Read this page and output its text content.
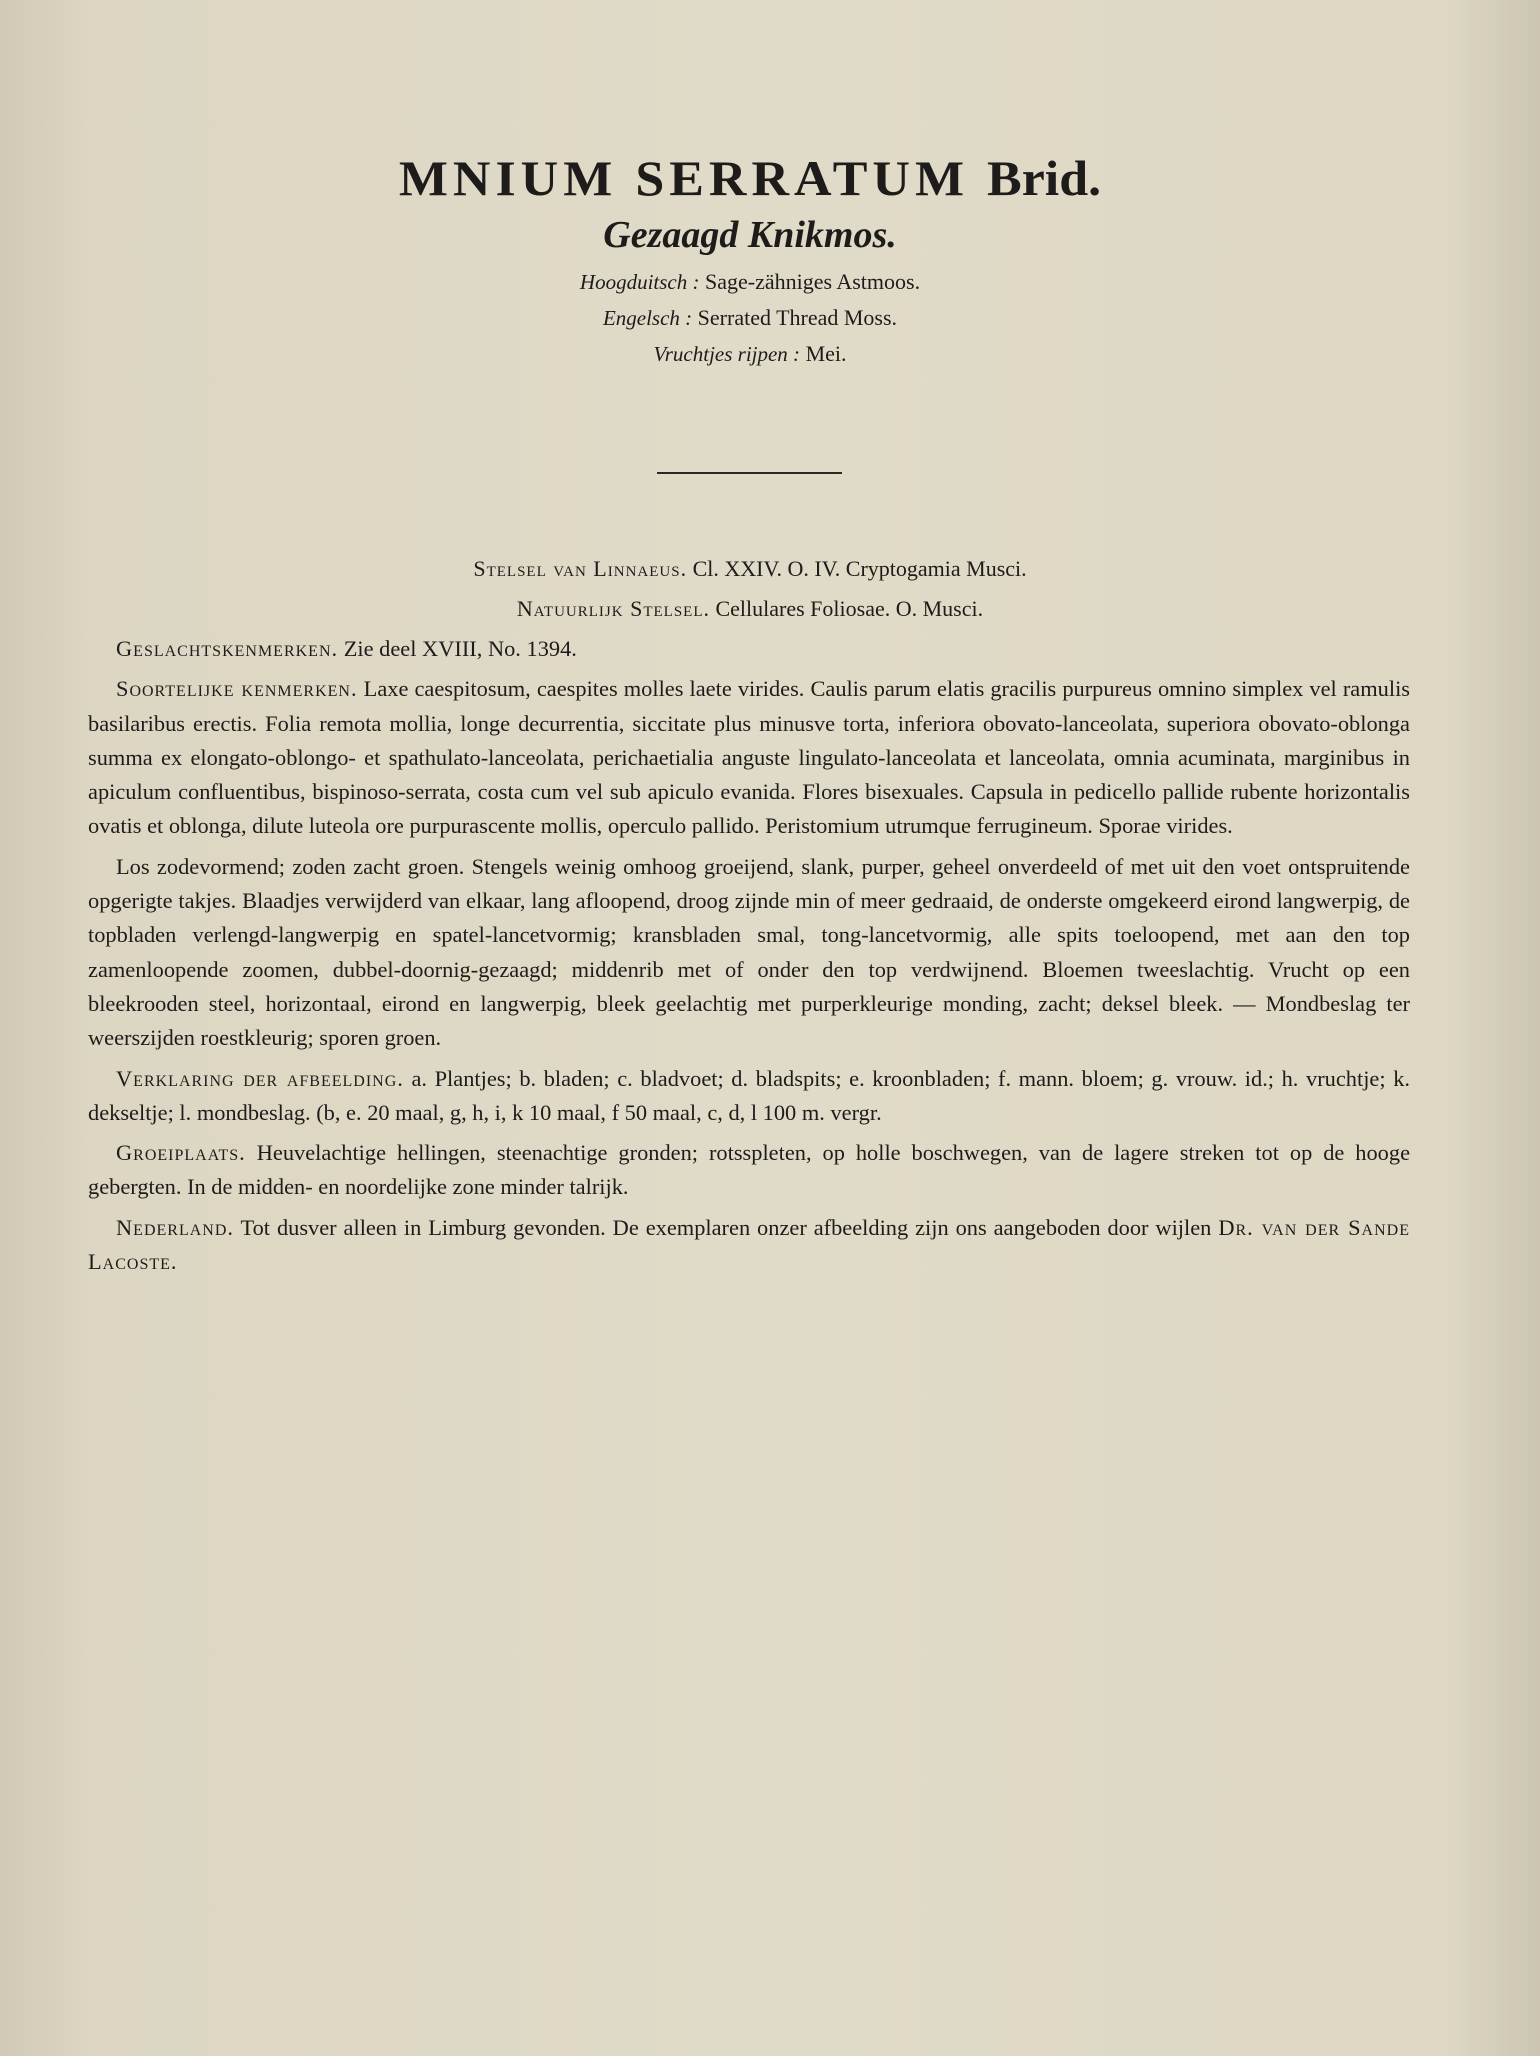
MNIUM SERRATUM Brid.
Gezaagd Knikmos.
Hoogduitsch : Sage-zähniges Astmoos.
Engelsch : Serrated Thread Moss.
Vruchtjes rijpen : Mei.
Stelsel van Linnaeus. Cl. XXIV. O. IV. Cryptogamia Musci.
Natuurlijk Stelsel. Cellulares Foliosae. O. Musci.

Geslachtskenmerken. Zie deel XVIII, No. 1394.

Soortelijke kenmerken. Laxe caespitosum, caespites molles laete virides. Caulis parum elatis gracilis purpureus omnino simplex vel ramulis basilaribus erectis. Folia remota mollia, longe decurrentia, siccitate plus minusve torta, inferiora obovato-lanceolata, superiora obovato-oblonga summa ex elongato-oblongo- et spathulato-lanceolata, perichaetialia anguste lingulato-lanceolata et lanceolata, omnia acuminata, marginibus in apiculum confluentibus, bispinoso-serrata, costa cum vel sub apiculo evanida. Flores bisexuales. Capsula in pedicello pallide rubente horizontalis ovatis et oblonga, dilute luteola ore purpurascente mollis, operculo pallido. Peristomium utrumque ferrugineum. Sporae virides.

Los zodevormend; zoden zacht groen. Stengels weinig omhoog groeijend, slank, purper, geheel onverdeeld of met uit den voet ontspruitende opgerigte takjes. Blaadjes verwijderd van elkaar, lang afloopend, droog zijnde min of meer gedraaid, de onderste omgekeerd eirond langwerpig, de topbladen verlengd-langwerpig en spatel-lancetvormig; kransbladen smal, tong-lancetvormig, alle spits toeloopend, met aan den top zamenloopende zoomen, dubbel-doornig-gezaagd; middenrib met of onder den top verdwijnend. Bloemen tweeslachtig. Vrucht op een bleekrooden steel, horizontaal, eirond en langwerpig, bleek geelachtig met purperkleurige monding, zacht; deksel bleek. — Mondbeslag ter weerszijden roestkleurig; sporen groen.

Verklaring der afbeelding. a. Plantjes; b. bladen; c. bladvoet; d. bladspits; e. kroonbladen; f. mann. bloem; g. vrouw. id.; h. vruchtje; k. dekseltje; l. mondbeslag. (b, e. 20 maal, g, h, i, k 10 maal, f 50 maal, c, d, l 100 m. vergr.

Groeiplaats. Heuvelachtige hellingen, steenachtige gronden; rotsspleten, op holle boschwegen, van de lagere streken tot op de hooge gebergten. In de midden- en noordelijke zone minder talrijk.

Nederland. Tot dusver alleen in Limburg gevonden. De exemplaren onzer afbeelding zijn ons aangeboden door wijlen Dr. van der Sande Lacoste.
